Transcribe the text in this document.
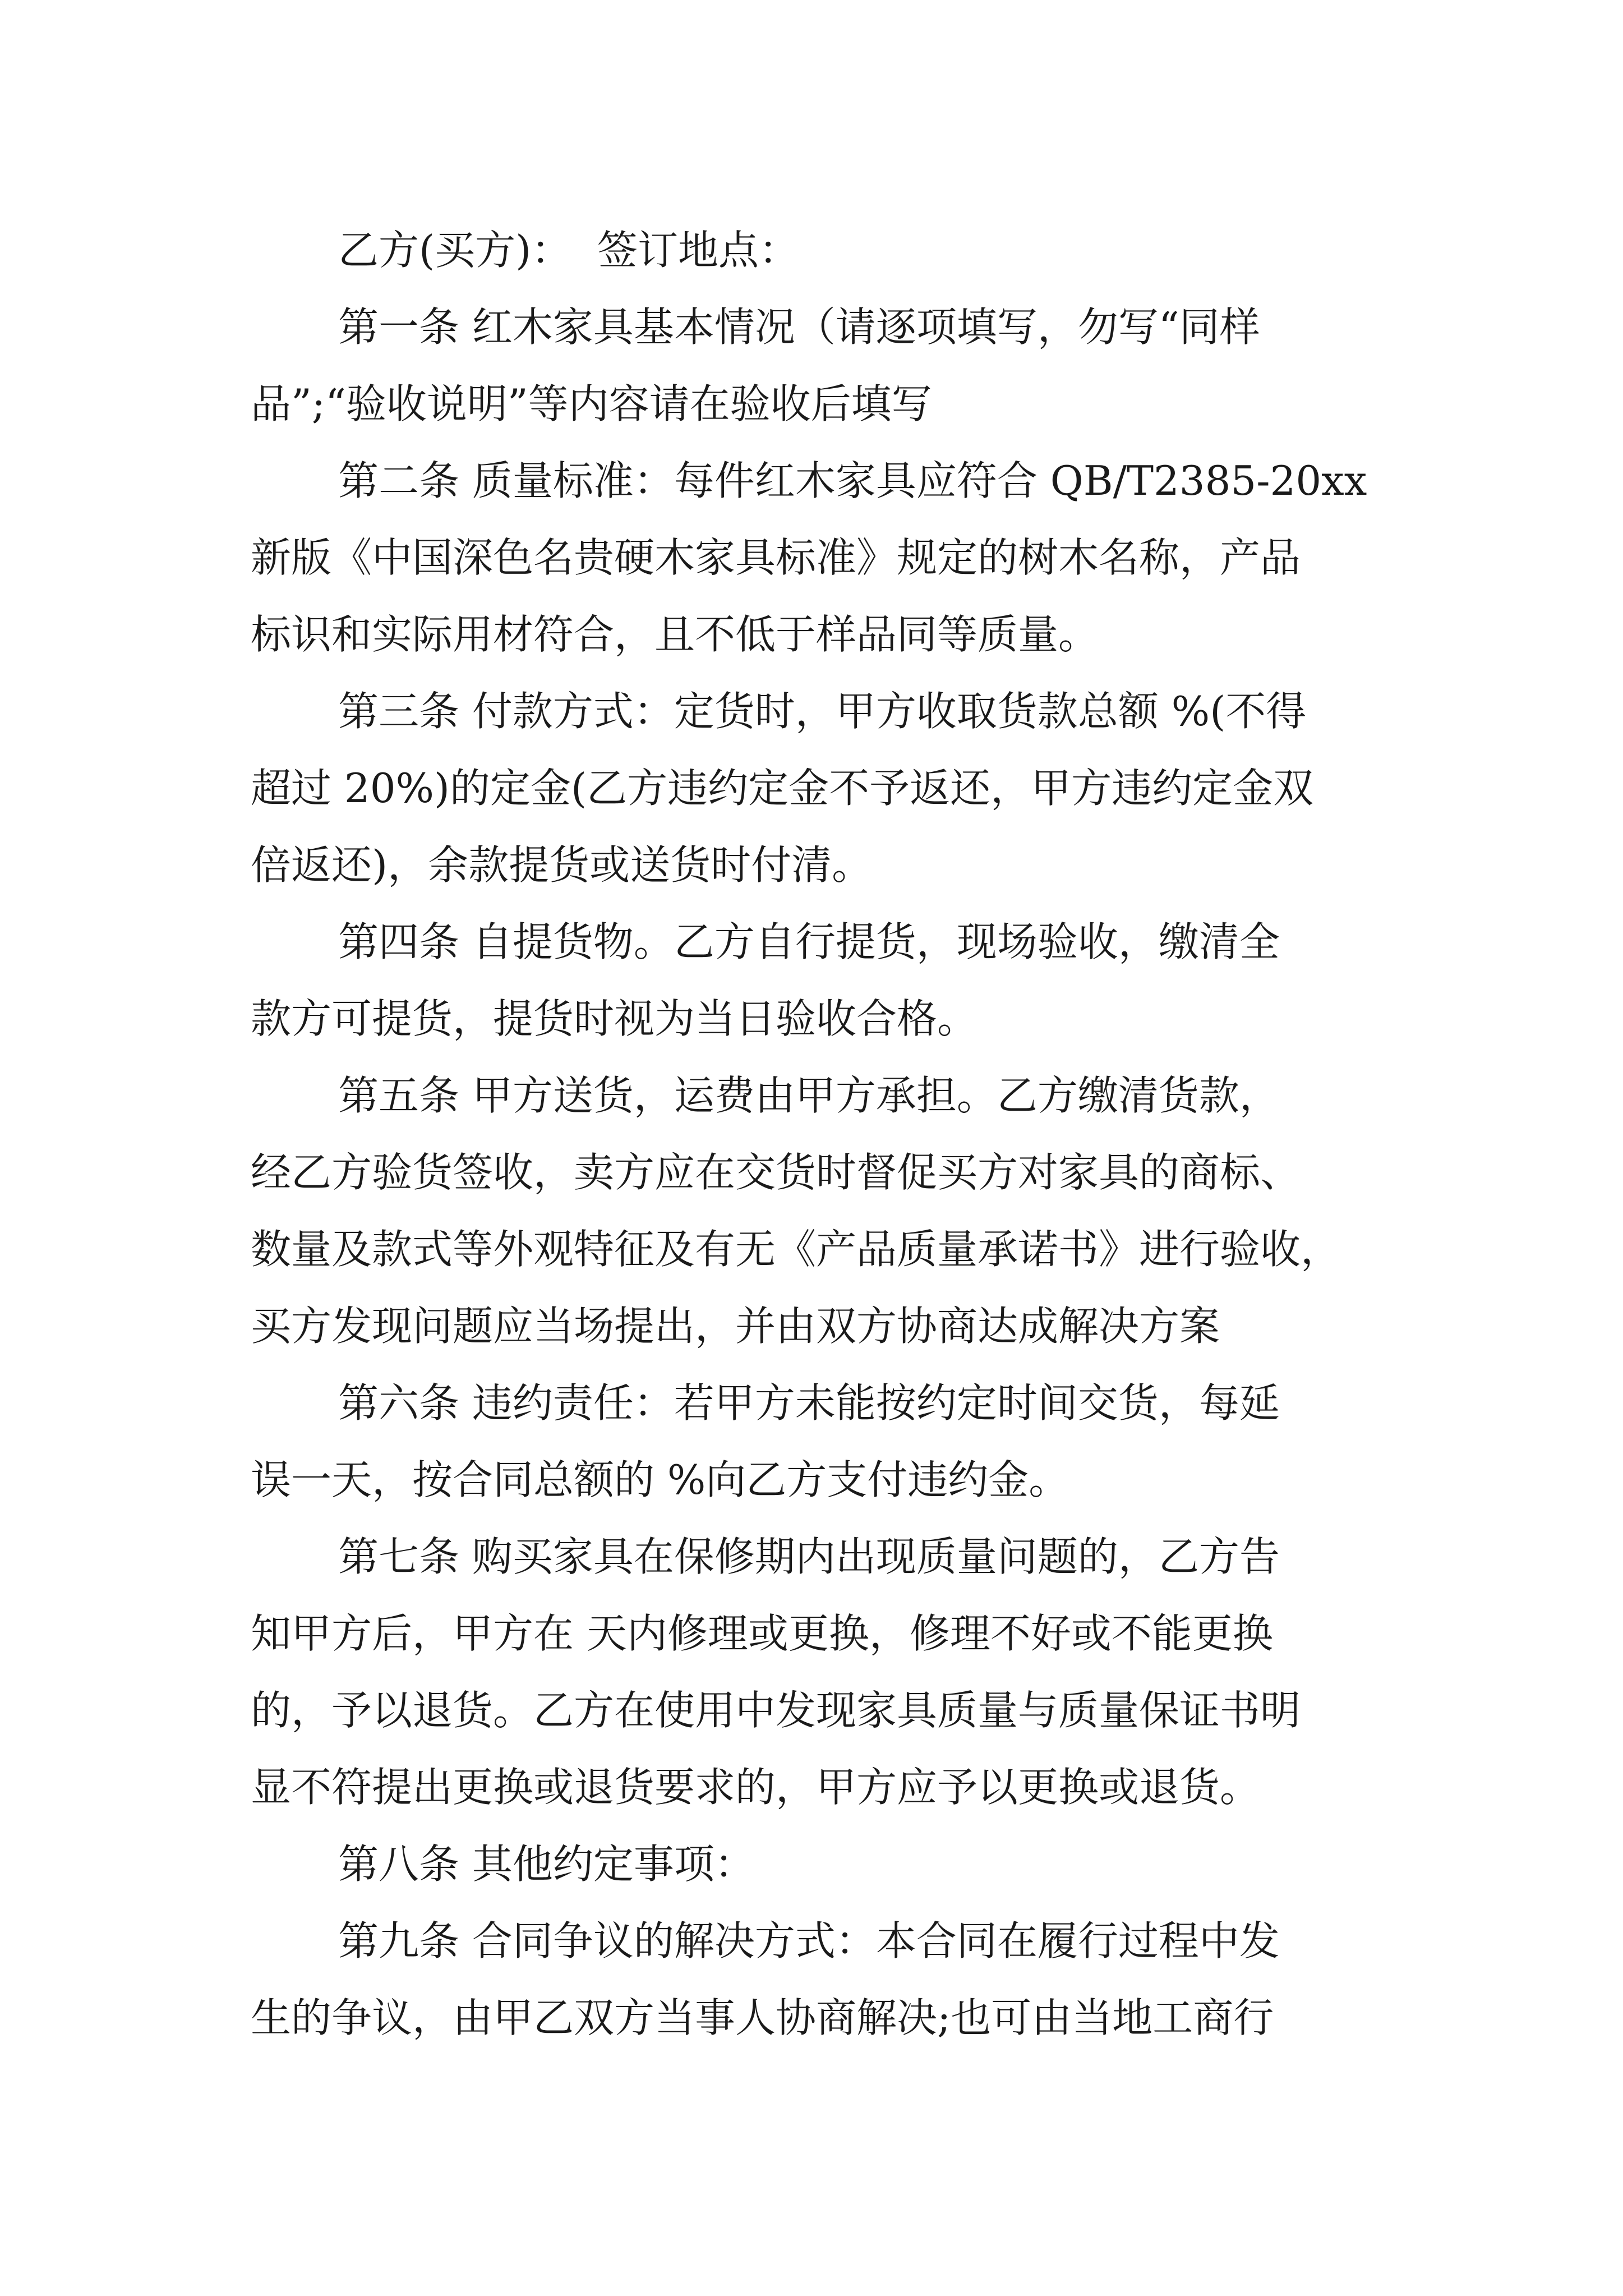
乙方(买方)：  签订地点：

第一条 红木家具基本情况（请逐项填写，勿写“同样
品”;“验收说明”等内容请在验收后填写

第二条 质量标准：每件红木家具应符合 QB/T2385-20xx
新版《中国深色名贵硬木家具标准》规定的树木名称，产品
标识和实际用材符合，且不低于样品同等质量。

第三条 付款方式：定货时，甲方收取货款总额 %(不得
超过 20%)的定金(乙方违约定金不予返还，甲方违约定金双
倍返还)，余款提货或送货时付清。

第四条 自提货物。乙方自行提货，现场验收，缴清全
款方可提货，提货时视为当日验收合格。

第五条 甲方送货，运费由甲方承担。乙方缴清货款，
经乙方验货签收，卖方应在交货时督促买方对家具的商标、
数量及款式等外观特征及有无《产品质量承诺书》进行验收，
买方发现问题应当场提出，并由双方协商达成解决方案

第六条 违约责任：若甲方未能按约定时间交货，每延
误一天，按合同总额的 %向乙方支付违约金。

第七条 购买家具在保修期内出现质量问题的，乙方告
知甲方后，甲方在 天内修理或更换，修理不好或不能更换
的，予以退货。乙方在使用中发现家具质量与质量保证书明
显不符提出更换或退货要求的，甲方应予以更换或退货。

第八条 其他约定事项：

第九条 合同争议的解决方式：本合同在履行过程中发
生的争议，由甲乙双方当事人协商解决;也可由当地工商行
